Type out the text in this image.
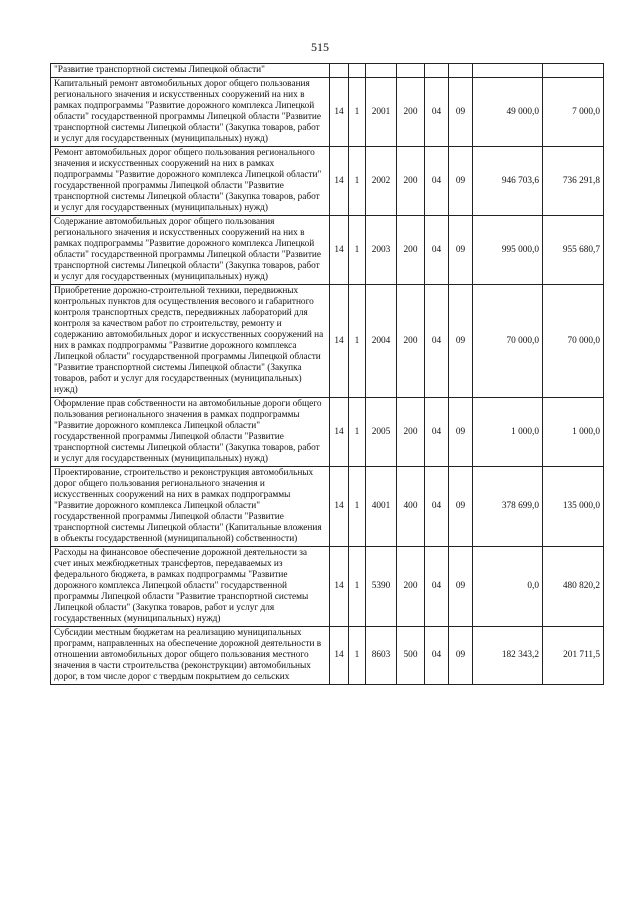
515
"Развитие транспортной системы Липецкой области"								
Капитальный ремонт автомобильных дорог общего пользования регионального значения и искусственных сооружений на них в рамках подпрограммы "Развитие дорожного комплекса Липецкой области" государственной программы Липецкой области "Развитие транспортной системы Липецкой области" (Закупка товаров, работ и услуг для государственных (муниципальных) нужд)	14	1	2001	200	04	09	49 000,0	7 000,0
Ремонт автомобильных дорог общего пользования регионального значения и искусственных сооружений на них в рамках подпрограммы "Развитие дорожного комплекса Липецкой области" государственной программы Липецкой области "Развитие транспортной системы Липецкой области" (Закупка товаров, работ и услуг для государственных (муниципальных) нужд)	14	1	2002	200	04	09	946 703,6	736 291,8
Содержание автомобильных дорог общего пользования регионального значения и искусственных сооружений на них в рамках подпрограммы "Развитие дорожного комплекса Липецкой области" государственной программы Липецкой области "Развитие транспортной системы Липецкой области" (Закупка товаров, работ и услуг для государственных (муниципальных) нужд)	14	1	2003	200	04	09	995 000,0	955 680,7
Приобретение дорожно-строительной техники, передвижных контрольных пунктов для осуществления весового и габаритного контроля транспортных средств, передвижных лабораторий для контроля за качеством работ по строительству, ремонту и содержанию автомобильных дорог и искусственных сооружений на них в рамках подпрограммы "Развитие дорожного комплекса Липецкой области" государственной программы Липецкой области "Развитие транспортной системы Липецкой области" (Закупка товаров, работ и услуг для государственных (муниципальных) нужд)	14	1	2004	200	04	09	70 000,0	70 000,0
Оформление прав собственности на автомобильные дороги общего пользования регионального значения в рамках подпрограммы "Развитие дорожного комплекса Липецкой области" государственной программы Липецкой области "Развитие транспортной системы Липецкой области" (Закупка товаров, работ и услуг для государственных (муниципальных) нужд)	14	1	2005	200	04	09	1 000,0	1 000,0
Проектирование, строительство и реконструкция автомобильных дорог общего пользования регионального значения и искусственных сооружений на них в рамках подпрограммы "Развитие дорожного комплекса Липецкой области" государственной программы Липецкой области "Развитие транспортной системы Липецкой области" (Капитальные вложения в объекты государственной (муниципальной) собственности)	14	1	4001	400	04	09	378 699,0	135 000,0
Расходы на финансовое обеспечение дорожной деятельности за счет иных межбюджетных трансфертов, передаваемых из федерального бюджета, в рамках подпрограммы "Развитие дорожного комплекса Липецкой области" государственной программы Липецкой области "Развитие транспортной системы Липецкой области" (Закупка товаров, работ и услуг для государственных (муниципальных) нужд)	14	1	5390	200	04	09	0,0	480 820,2
Субсидии местным бюджетам на реализацию муниципальных программ, направленных на обеспечение дорожной деятельности в отношении автомобильных дорог общего пользования местного значения в части строительства (реконструкции) автомобильных дорог, в том числе дорог с твердым покрытием до сельских	14	1	8603	500	04	09	182 343,2	201 711,5
